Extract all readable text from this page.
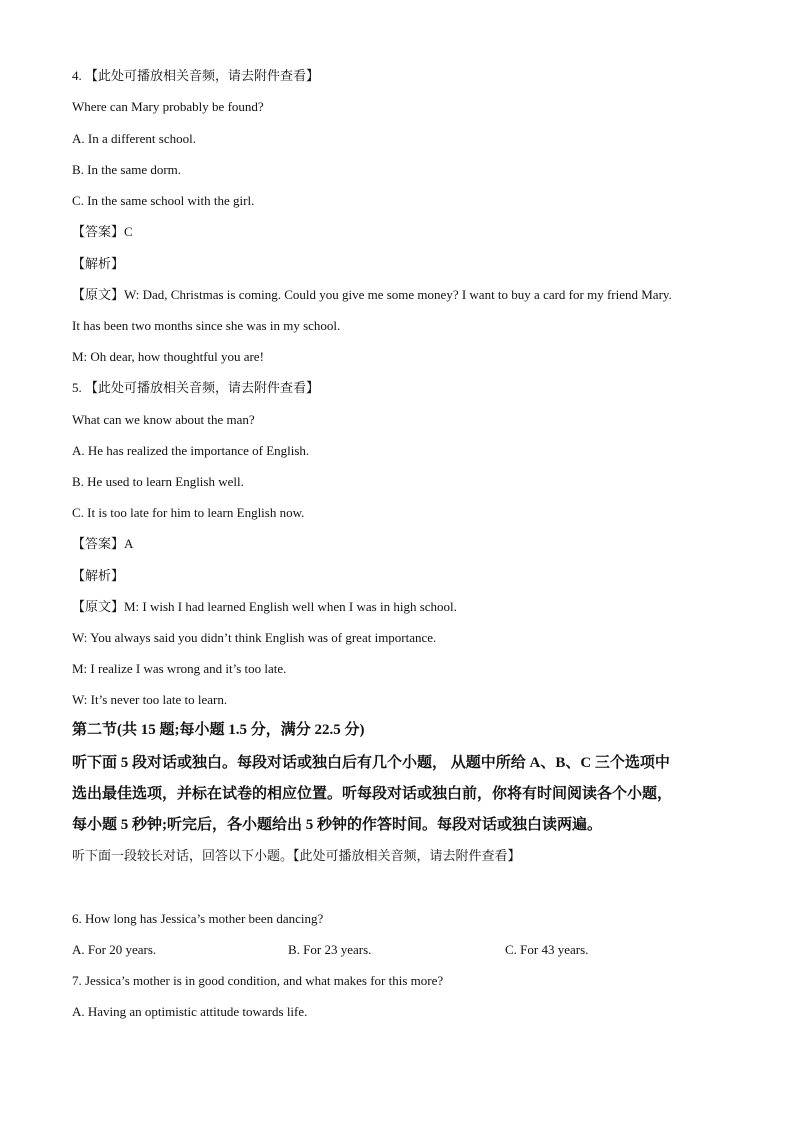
4. 【此处可播放相关音频，请去附件查看】
Where can Mary probably be found?
A. In a different school.
B. In the same dorm.
C. In the same school with the girl.
【答案】C
【解析】
【原文】W: Dad, Christmas is coming. Could you give me some money? I want to buy a card for my friend Mary.
It has been two months since she was in my school.
M: Oh dear, how thoughtful you are!
5. 【此处可播放相关音频，请去附件查看】
What can we know about the man?
A. He has realized the importance of English.
B. He used to learn English well.
C. It is too late for him to learn English now.
【答案】A
【解析】
【原文】M: I wish I had learned English well when I was in high school.
W: You always said you didn’t think English was of great importance.
M: I realize I was wrong and it’s too late.
W: It’s never too late to learn.
第二节(共 15 题;每小题 1.5 分，满分 22.5 分)
听下面 5 段对话或独白。每段对话或独白后有几个小题， 从题中所给 A、B、C 三个选项中
选出最佳选项，并标在试卷的相应位置。听每段对话或独白前，你将有时间阅读各个小题，
每小题 5 秒钟;听完后，各小题给出 5 秒钟的作答时间。每段对话或独白读两遍。
听下面一段较长对话，回答以下小题。【此处可播放相关音频，请去附件查看】
6. How long has Jessica’s mother been dancing?
A. For 20 years.	B. For 23 years.	C. For 43 years.
7. Jessica’s mother is in good condition, and what makes for this more?
A. Having an optimistic attitude towards life.
